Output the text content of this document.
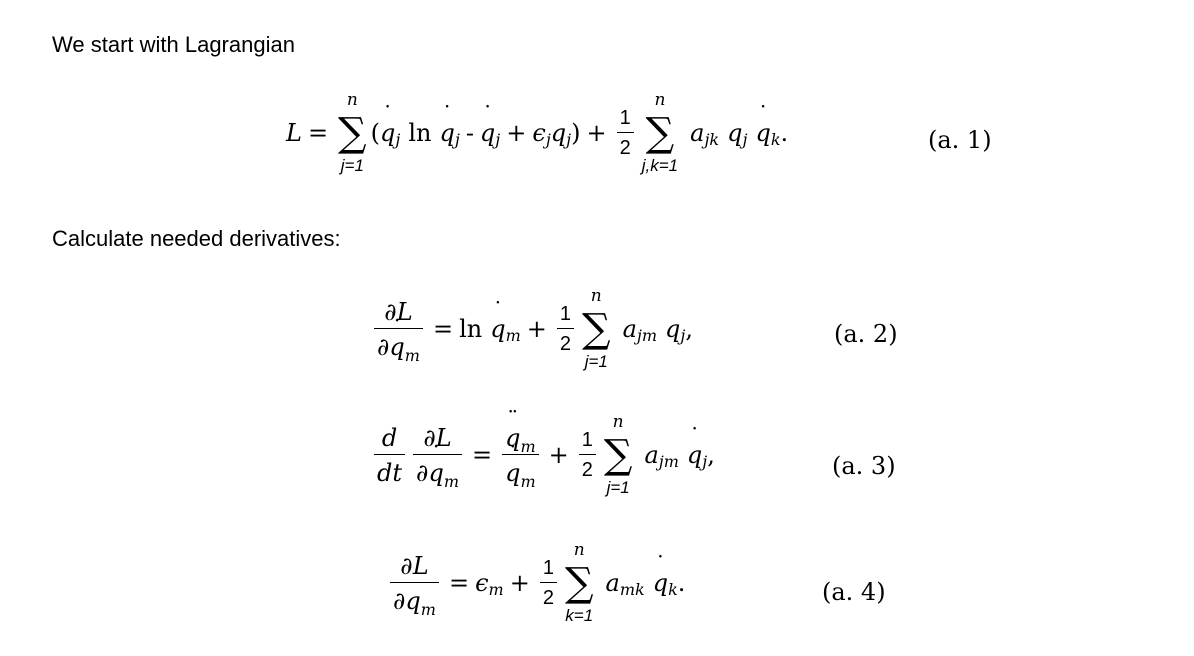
We start with Lagrangian
L =
n
∑
j=1
( ˙ q j ln ˙ q j - ˙ q j + ϵ j q j ) + $\frac{1}{2}$
n
∑
j,k=1
a jk q j ˙ q k .	(a. 1)
Calculate needed derivatives:
$\frac{\partial L}{\partial˙ q_m} = \ln$ ˙ q $m + \frac{1}{2}$
n
∑
j=1
a jm q j ,	(a. 2)
$\frac{d}{dt} \frac{\partial L}{\partial˙ q_m}$ = ¨ $q_m$
˙ $q_m + \frac{1}{2}$
n
∑
j=1
a jm ˙ q j ,	(a. 3)
$\frac{\partial L}{\partial q_m} = \epsilon$ $m + \frac{1}{2}$
n
∑
k=1
a mk ˙ q k .	(a. 4)
